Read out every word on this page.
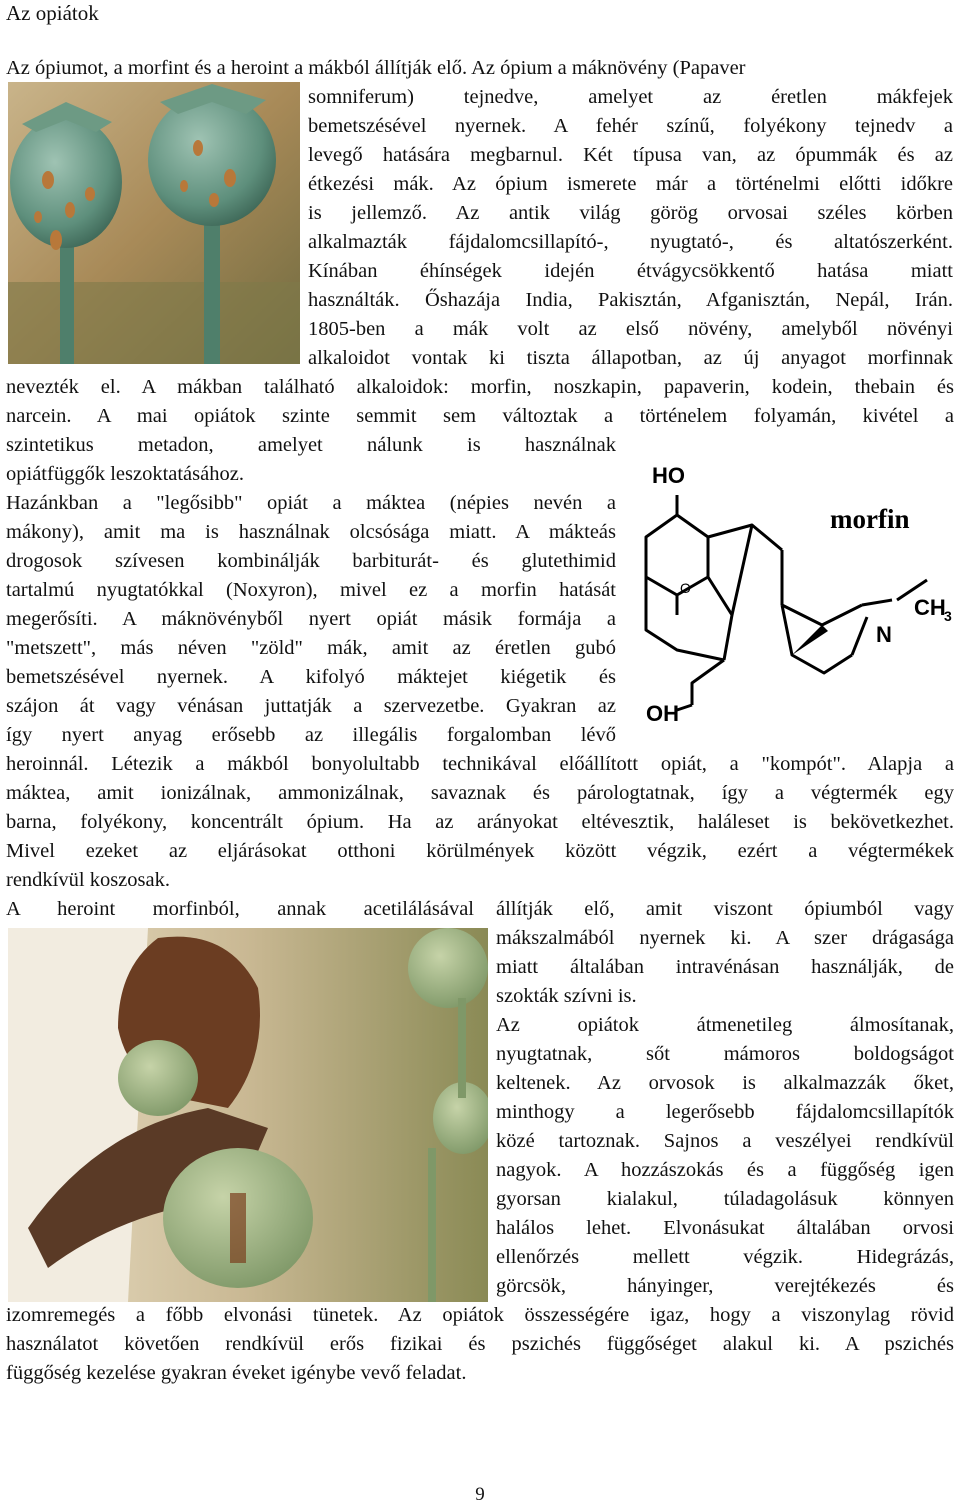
Az opiátok
HO
O
N
CH
3
OH
morfin
Az ópiumot, a morfint és a heroint a mákból állítják elő. Az ópium a máknövény (Papaver
somniferum) tejnedve, amelyet az éretlen mákfejek
bemetszésével nyernek. A fehér színű, folyékony tejnedv a
levegő hatására megbarnul. Két típusa van, az ópummák és az
étkezési mák. Az ópium ismerete már a történelmi előtti időkre
is jellemző. Az antik világ görög orvosai széles körben
alkalmazták fájdalomcsillapító-, nyugtató-, és altatószerként.
Kínában éhínségek idején étvágycsökkentő hatása miatt
használták. Őshazája India, Pakisztán, Afganisztán, Nepál, Irán.
1805-ben a mák volt az első növény, amelyből növényi
alkaloidot vontak ki tiszta állapotban, az új anyagot morfinnak
nevezték el. A mákban található alkaloidok: morfin, noszkapin, papaverin, kodein, thebain és
narcein. A mai opiátok szinte semmit sem változtak a történelem folyamán, kivétel a
szintetikus metadon, amelyet nálunk is használnak
opiátfüggők leszoktatásához.
Hazánkban a "legősibb" opiát a máktea (népies nevén a
mákony), amit ma is használnak olcsósága miatt. A mákteás
drogosok szívesen kombinálják barbiturát- és glutethimid
tartalmú nyugtatókkal (Noxyron), mivel ez a morfin hatását
megerősíti. A máknövényből nyert opiát másik formája a
"metszett", más néven "zöld" mák, amit az éretlen gubó
bemetszésével nyernek. A kifolyó máktejet kiégetik és
szájon át vagy vénásan juttatják a szervezetbe. Gyakran az
így nyert anyag erősebb az illegális forgalomban lévő
heroinnál. Létezik a mákból bonyolultabb technikával előállított opiát, a "kompót". Alapja a
máktea, amit ionizálnak, ammonizálnak, savaznak és párologtatnak, így a végtermék egy
barna, folyékony, koncentrált ópium. Ha az arányokat eltévesztik, haláleset is bekövetkezhet.
Mivel ezeket az eljárásokat otthoni körülmények között végzik, ezért a végtermékek
rendkívül koszosak.
A heroint morfinból, annak acetilálásával állítják elő, amit viszont ópiumból vagy
mákszalmából nyernek ki. A szer drágasága
miatt általában intravénásan használják, de
szokták szívni is.
Az opiátok átmenetileg álmosítanak,
nyugtatnak, sőt mámoros boldogságot
keltenek. Az orvosok is alkalmazzák őket,
minthogy a legerősebb fájdalomcsillapítók
közé tartoznak. Sajnos a veszélyei rendkívül
nagyok. A hozzászokás és a függőség igen
gyorsan kialakul, túladagolásuk könnyen
halálos lehet. Elvonásukat általában orvosi
ellenőrzés mellett végzik. Hidegrázás,
görcsök, hányinger, verejtékezés és
izomremegés a főbb elvonási tünetek. Az opiátok összességére igaz, hogy a viszonylag rövid
használatot követően rendkívül erős fizikai és pszichés függőséget alakul ki. A pszichés
függőség kezelése gyakran éveket igénybe vevő feladat.
9
